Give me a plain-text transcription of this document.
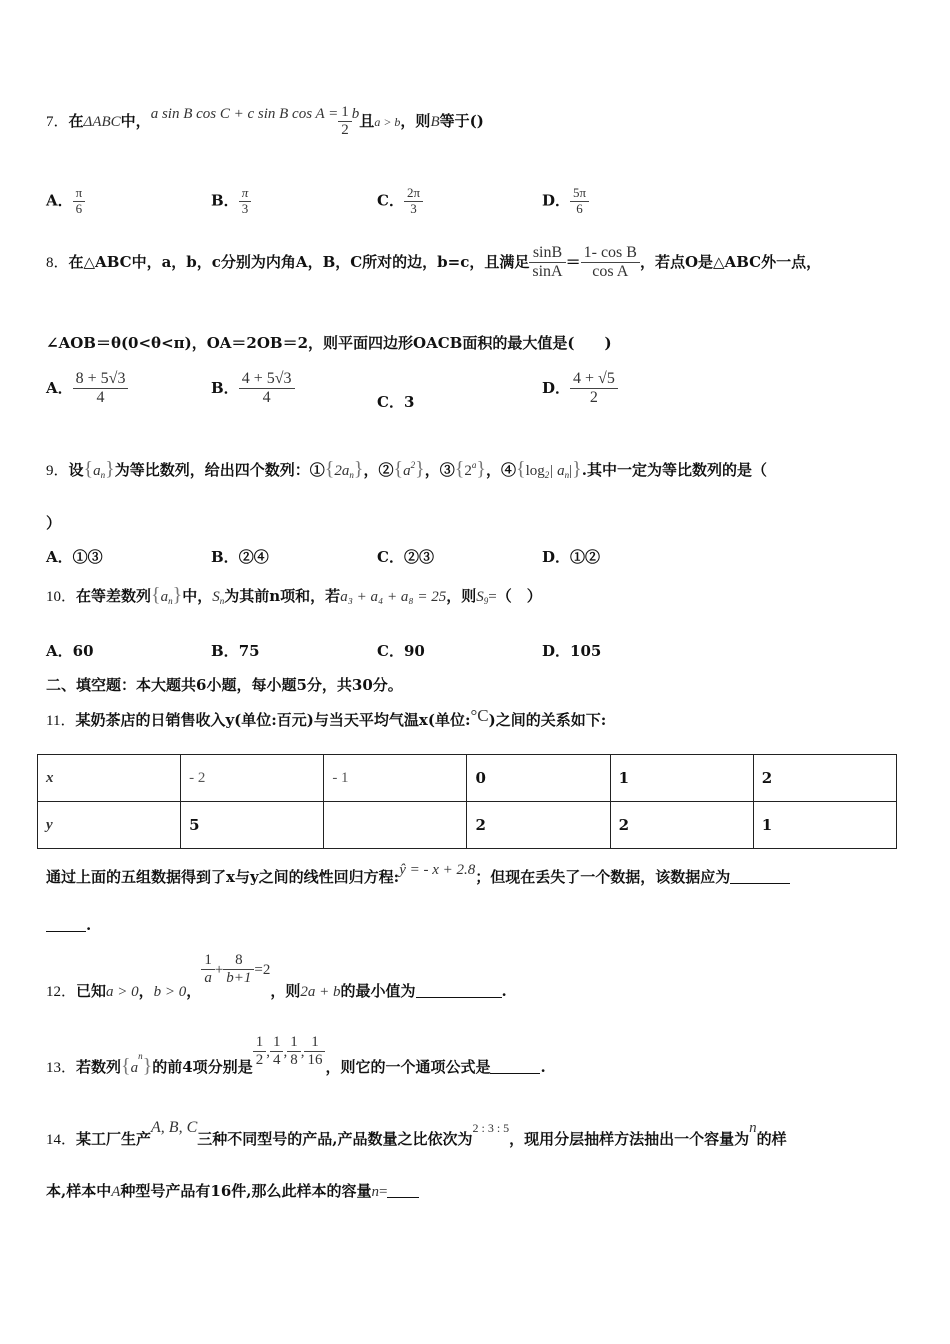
7．在ΔABC中，a sin B cos C + c sin B $\cos A = \frac{1}{2}$ b且a > b，则B等于()
A． $\frac{\pi}{6}$	B． $\frac{\pi}{3}$	C． $\frac{2\pi}{3}$	D． $\frac{5\pi}{6}$
8．在△ABC中，a，b，c分别为内角A，B，C所对的边，b=c，且满足 $\frac{\sin B}{\sin A} = \frac{\text{1- cos B}}{\text{cos A}}$ ，若点O是△ABC外一点，
∠AOB＝θ(0<θ<π)，OA＝2OB＝2，则平面四边形OACB面积的最大值是(　　)
A． $\frac{8 + 5√3}{4}$	B． $\frac{4 + 5√3}{4}$	C．3
D． $\frac{4 + √5}{2}$
9．设$\{a_n\}$为等比数列，给出四个数列：$①\{2a_n\}$，$②\{a^2\}$，③{2$^a$}，$④\{\log_2|$ $a_n|$}.其中一定为等比数列的是（
）
A．①③	B．②④	C．②③	D．①②
10．在等差数列$\{a_n\}$中，$S_n$为其前n项和，若a₃ + a₄ + a₈ = 25，则$S_9=$（　）
A．60	B．75	C．90	D．105
二、填空题：本大题共6小题，每小题5分，共30分。
11．某奶茶店的日销售收入y(单位:百元)与当天平均气温x(单位:°C)之间的关系如下:
x	- 2	- 1	0	1	2
y	5		2	2	1
通过上面的五组数据得到了x与y之间的线性回归方程:ŷ = - x + 2.8；但现在丢失了一个数据，该数据应为
.
12．已知a > 0，b > 0，
$\frac{1}{a} + \frac{8}{b+1} =2$，则2a + b的最小值为	.
13．若数列$\{a_n\}$的前4项分别是 $\frac{1}{2}$ , $\frac{1}{4}$ , $\frac{1}{8}$ , $\frac{1}{16}$ ，则它的一个通项公式是	.
14．某工厂生产A, B, C三种不同型号的产品,产品数量之比依次为2 : 3 : 5，现用分层抽样方法抽出一个容量为n的样
本,样本中A种型号产品有16件,那么此样本的容量n=
